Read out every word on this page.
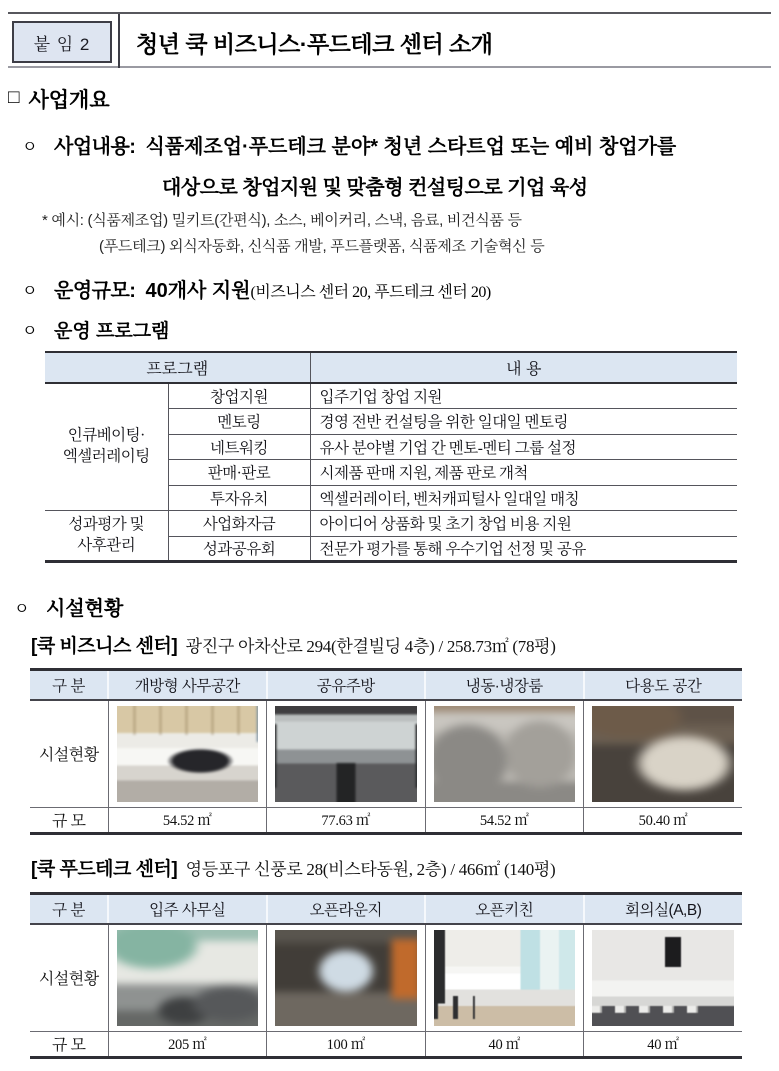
붙 임 2	청년 쿡 비즈니스·푸드테크 센터 소개
□ 사업개요
ㅇ 사업내용: 식품제조업·푸드테크 분야* 청년 스타트업 또는 예비 창업가를
대상으로 창업지원 및 맞춤형 컨설팅으로 기업 육성
* 예시: (식품제조업) 밀키트(간편식), 소스, 베이커리, 스낵, 음료, 비건식품 등
(푸드테크) 외식자동화, 신식품 개발, 푸드플랫폼, 식품제조 기술혁신 등
ㅇ 운영규모: 40개사 지원 (비즈니스 센터 20, 푸드테크 센터 20)
ㅇ 운영 프로그램
프로그램		내 용
인큐베이팅·
엑셀러레이팅	창업지원	입주기업 창업 지원
	멘토링	경영 전반 컨설팅을 위한 일대일 멘토링
	네트워킹	유사 분야별 기업 간 멘토-멘티 그룹 설정
	판매·판로	시제품 판매 지원, 제품 판로 개척
	투자유치	엑셀러레이터, 벤처캐피털사 일대일 매칭
성과평가 및
사후관리	사업화자금	아이디어 상품화 및 초기 창업 비용 지원
	성과공유회	전문가 평가를 통해 우수기업 선정 및 공유
ㅇ 시설현황
[쿡 비즈니스 센터] 광진구 아차산로 294(한결빌딩 4층) / 258.73㎡ (78평)
구 분	개방형 사무공간	공유주방	냉동·냉장룸	다용도 공간
시설현황	

규 모	54.52 ㎡	77.63 ㎡	54.52 ㎡	50.40 ㎡
[쿡 푸드테크 센터] 영등포구 신풍로 28(비스타동원, 2층) / 466㎡ (140평)
구 분	입주 사무실	오픈라운지	오픈키친	회의실(A,B)
시설현황	

규 모	205 ㎡	100 ㎡	40 ㎡	40 ㎡
